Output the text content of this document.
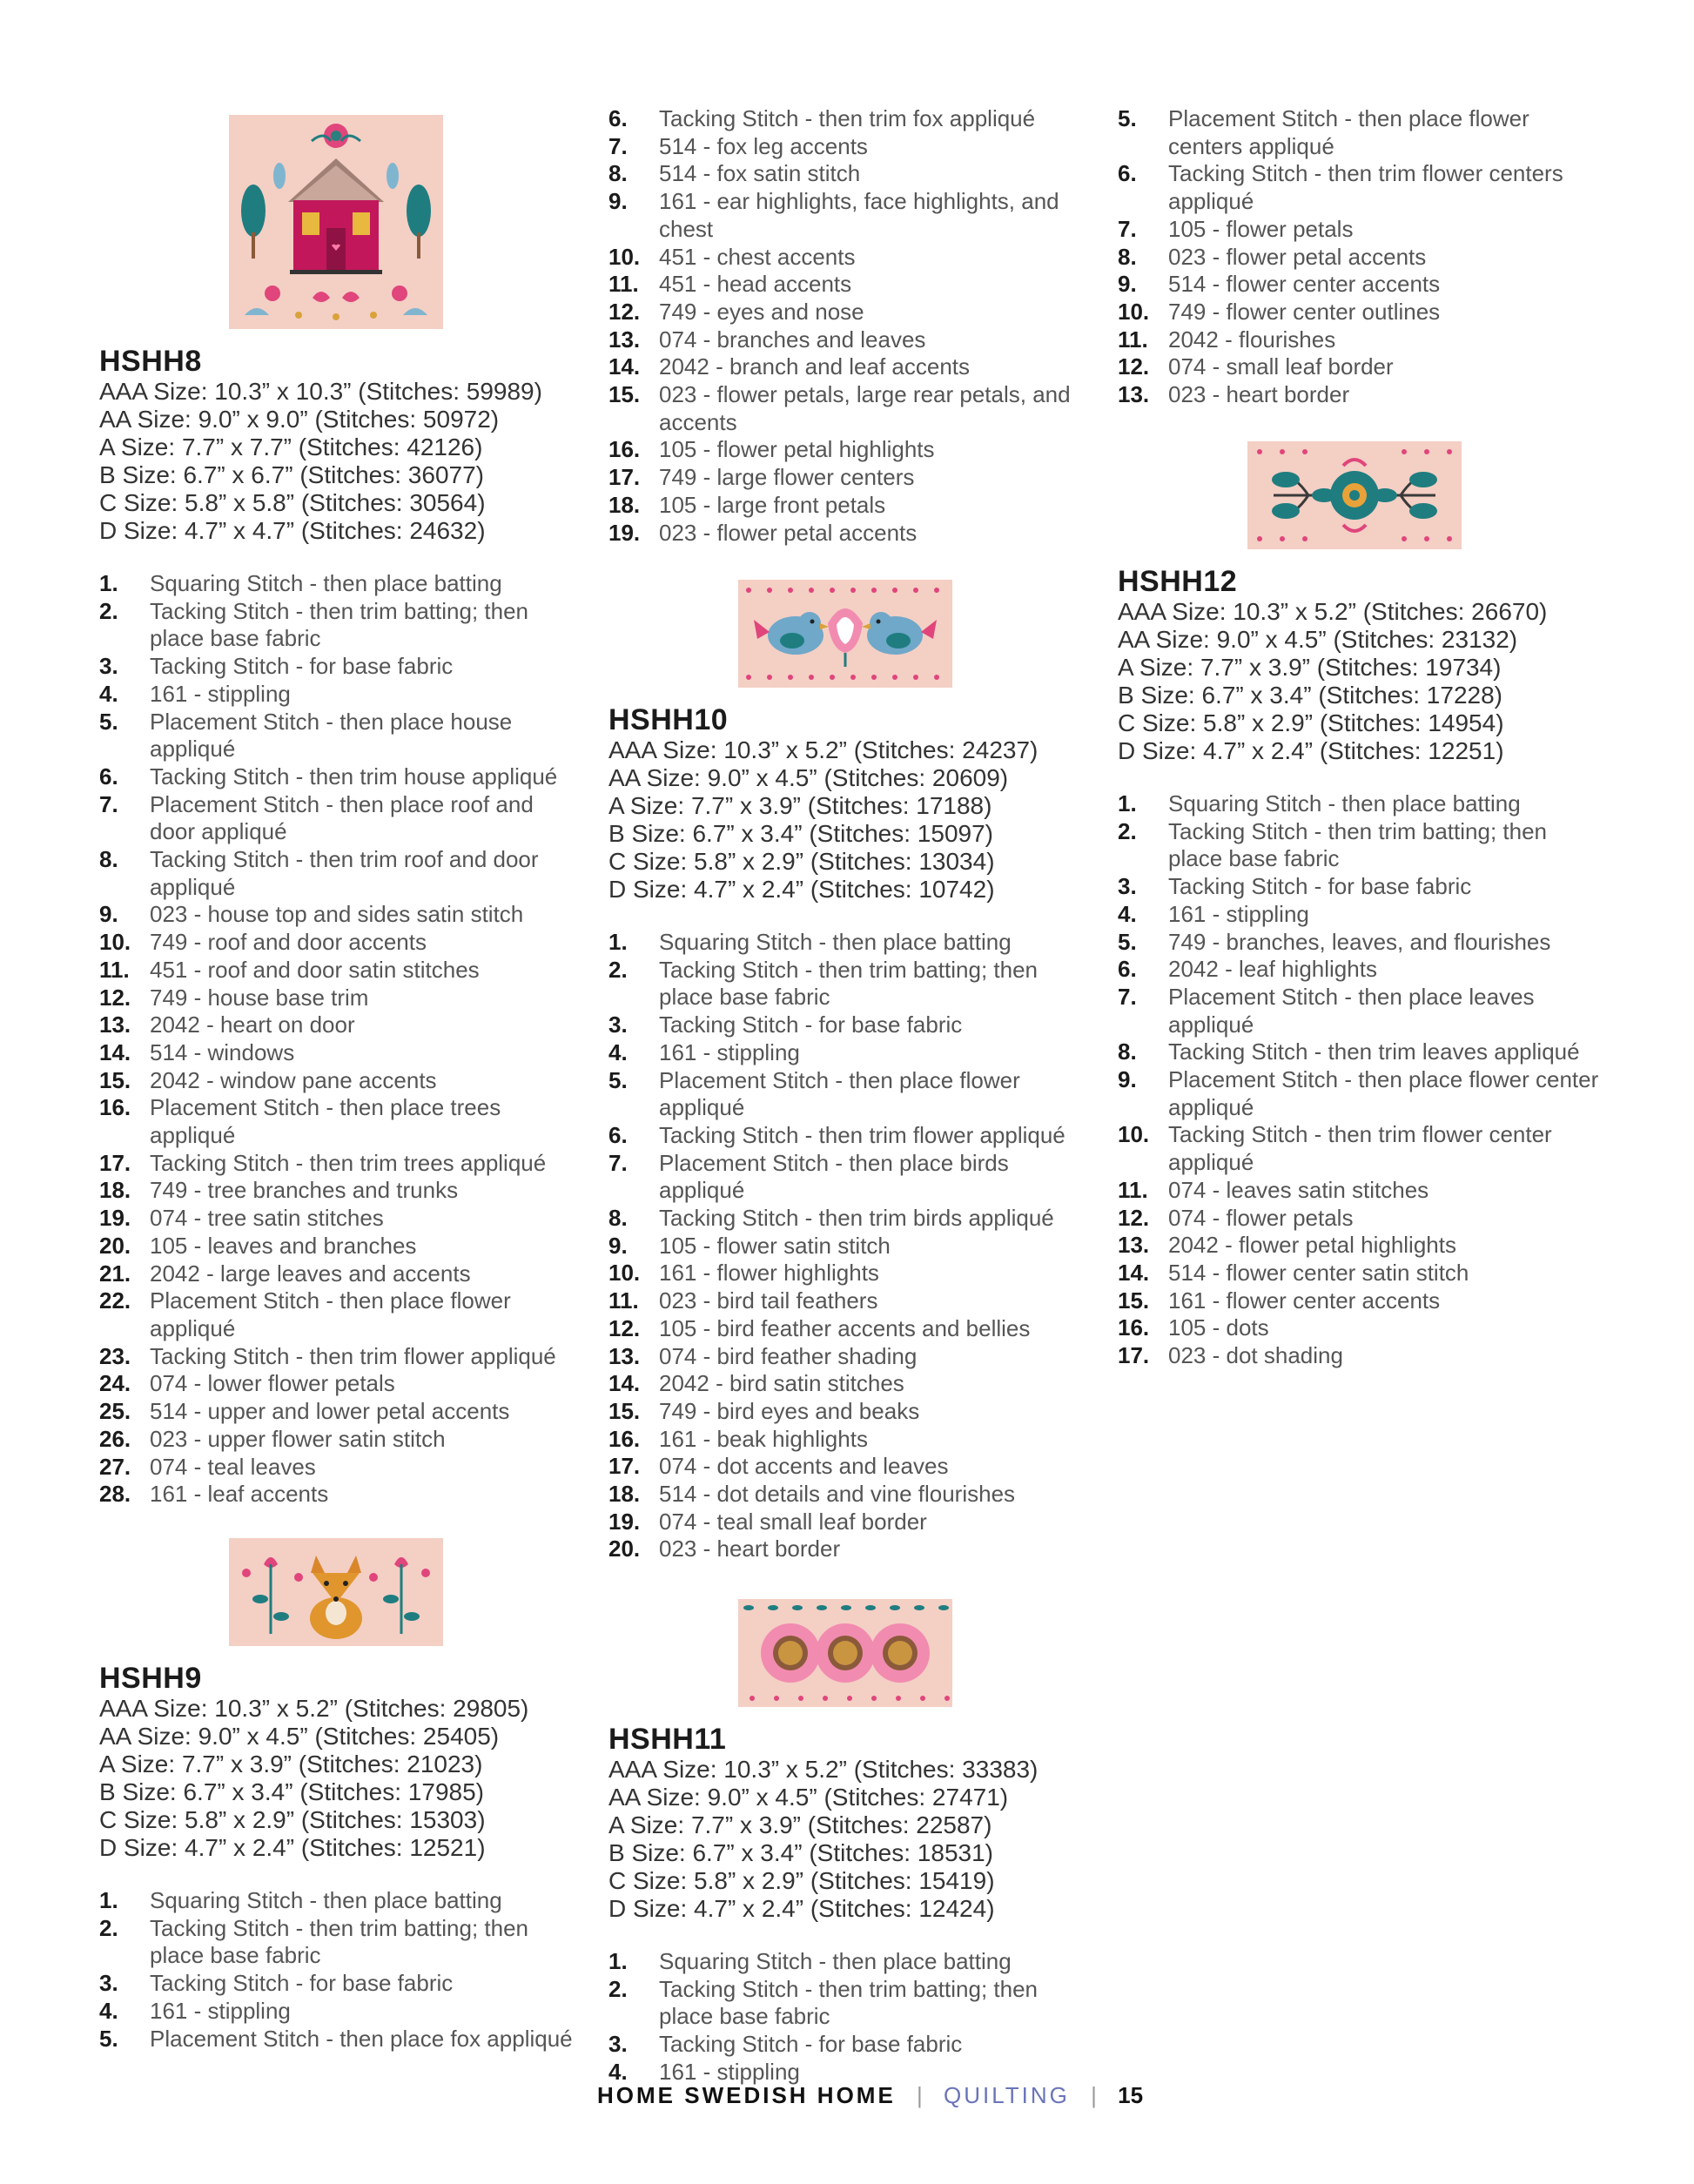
HSHH8
AAA Size: 10.3” x 10.3” (Stitches: 59989)
AA Size: 9.0” x 9.0” (Stitches: 50972)
A Size: 7.7” x 7.7” (Stitches: 42126)
B Size: 6.7” x 6.7” (Stitches: 36077)
C Size: 5.8” x 5.8” (Stitches: 30564)
D Size: 4.7” x 4.7” (Stitches: 24632)
1. Squaring Stitch - then place batting
2. Tacking Stitch - then trim batting; then place base fabric
3. Tacking Stitch - for base fabric
4. 161 - stippling
5. Placement Stitch - then place house appliqué
6. Tacking Stitch - then trim house appliqué
7. Placement Stitch - then place roof and door appliqué
8. Tacking Stitch - then trim roof and door appliqué
9. 023 - house top and sides satin stitch
10. 749 - roof and door accents
11. 451 - roof and door satin stitches
12. 749 - house base trim
13. 2042 - heart on door
14. 514 - windows
15. 2042 - window pane accents
16. Placement Stitch - then place trees appliqué
17. Tacking Stitch - then trim trees appliqué
18. 749 - tree branches and trunks
19. 074 - tree satin stitches
20. 105 - leaves and branches
21. 2042 - large leaves and accents
22. Placement Stitch - then place flower appliqué
23. Tacking Stitch - then trim flower appliqué
24. 074 - lower flower petals
25. 514 - upper and lower petal accents
26. 023 - upper flower satin stitch
27. 074 - teal leaves
28. 161 - leaf accents
HSHH9
AAA Size: 10.3” x 5.2” (Stitches: 29805)
AA Size: 9.0” x 4.5” (Stitches: 25405)
A Size: 7.7” x 3.9” (Stitches: 21023)
B Size: 6.7” x 3.4” (Stitches: 17985)
C Size: 5.8” x 2.9” (Stitches: 15303)
D Size: 4.7” x 2.4” (Stitches: 12521)
1. Squaring Stitch - then place batting
2. Tacking Stitch - then trim batting; then place base fabric
3. Tacking Stitch - for base fabric
4. 161 - stippling
5. Placement Stitch - then place fox appliqué
6. Tacking Stitch - then trim fox appliqué
7. 514 - fox leg accents
8. 514 - fox satin stitch
9. 161 - ear highlights, face highlights, and chest
10. 451 - chest accents
11. 451 - head accents
12. 749 - eyes and nose
13. 074 - branches and leaves
14. 2042 - branch and leaf accents
15. 023 - flower petals, large rear petals, and accents
16. 105 - flower petal highlights
17. 749 - large flower centers
18. 105 - large front petals
19. 023 - flower petal accents
HSHH10
AAA Size: 10.3” x 5.2” (Stitches: 24237)
AA Size: 9.0” x 4.5” (Stitches: 20609)
A Size: 7.7” x 3.9” (Stitches: 17188)
B Size: 6.7” x 3.4” (Stitches: 15097)
C Size: 5.8” x 2.9” (Stitches: 13034)
D Size: 4.7” x 2.4” (Stitches: 10742)
1. Squaring Stitch - then place batting
2. Tacking Stitch - then trim batting; then place base fabric
3. Tacking Stitch - for base fabric
4. 161 - stippling
5. Placement Stitch - then place flower appliqué
6. Tacking Stitch - then trim flower appliqué
7. Placement Stitch - then place birds appliqué
8. Tacking Stitch - then trim birds appliqué
9. 105 - flower satin stitch
10. 161 - flower highlights
11. 023 - bird tail feathers
12. 105 - bird feather accents and bellies
13. 074 - bird feather shading
14. 2042 - bird satin stitches
15. 749 - bird eyes and beaks
16. 161 - beak highlights
17. 074 - dot accents and leaves
18. 514 - dot details and vine flourishes
19. 074 - teal small leaf border
20. 023 - heart border
HSHH11
AAA Size: 10.3” x 5.2” (Stitches: 33383)
AA Size: 9.0” x 4.5” (Stitches: 27471)
A Size: 7.7” x 3.9” (Stitches: 22587)
B Size: 6.7” x 3.4” (Stitches: 18531)
C Size: 5.8” x 2.9” (Stitches: 15419)
D Size: 4.7” x 2.4” (Stitches: 12424)
1. Squaring Stitch - then place batting
2. Tacking Stitch - then trim batting; then place base fabric
3. Tacking Stitch - for base fabric
4. 161 - stippling
5. Placement Stitch - then place flower centers appliqué
6. Tacking Stitch - then trim flower centers appliqué
7. 105 - flower petals
8. 023 - flower petal accents
9. 514 - flower center accents
10. 749 - flower center outlines
11. 2042 - flourishes
12. 074 - small leaf border
13. 023 - heart border
HSHH12
AAA Size: 10.3” x 5.2” (Stitches: 26670)
AA Size: 9.0” x 4.5” (Stitches: 23132)
A Size: 7.7” x 3.9” (Stitches: 19734)
B Size: 6.7” x 3.4” (Stitches: 17228)
C Size: 5.8” x 2.9” (Stitches: 14954)
D Size: 4.7” x 2.4” (Stitches: 12251)
1. Squaring Stitch - then place batting
2. Tacking Stitch - then trim batting; then place base fabric
3. Tacking Stitch - for base fabric
4. 161 - stippling
5. 749 - branches, leaves, and flourishes
6. 2042 - leaf highlights
7. Placement Stitch - then place leaves appliqué
8. Tacking Stitch - then trim leaves appliqué
9. Placement Stitch - then place flower center appliqué
10. Tacking Stitch - then trim flower center appliqué
11. 074 - leaves satin stitches
12. 074 - flower petals
13. 2042 - flower petal highlights
14. 514 - flower center satin stitch
15. 161 - flower center accents
16. 105 - dots
17. 023 - dot shading
HOME SWEDISH HOME | QUILTING | 15
